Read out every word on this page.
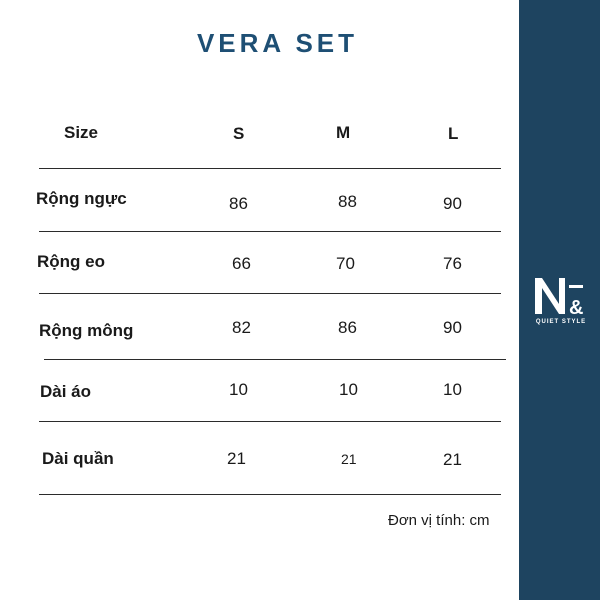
&
QUIET STYLE
VERA SET
Size	S	M	L
Rộng ngực	86	88	90
Rộng eo	66	70	76
Rộng mông	82	86	90
Dài áo	10	10	10
Dài quần	21	21	21
Đơn vị tính: cm
